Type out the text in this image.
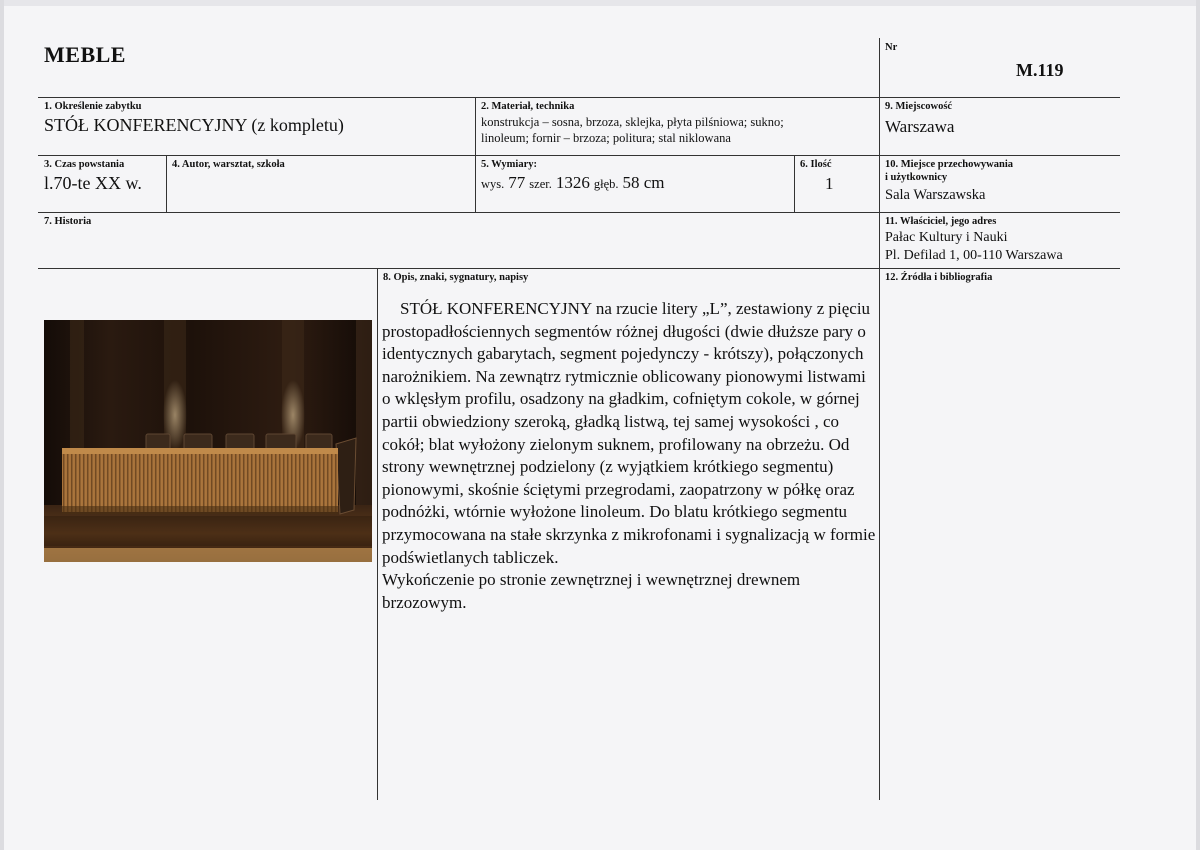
MEBLE	Nr
M.119
1. Określenie zabytku
STÓŁ KONFERENCYJNY (z kompletu)
2. Materiał, technika
konstrukcja – sosna, brzoza, sklejka, płyta pilśniowa; sukno;
linoleum; fornir – brzoza; politura; stal niklowana
9. Miejscowość
Warszawa
3. Czas powstania
l.70-te XX w.
4. Autor, warsztat, szkoła	5. Wymiary:
wys. 77 szer. 1326 głęb. 58 cm
6. Ilość
1
10. Miejsce przechowywania
i użytkownicy
Sala Warszawska
7. Historia	11. Właściciel, jego adres
Pałac Kultury i Nauki
Pl. Defilad 1, 00-110 Warszawa
8. Opis, znaki, sygnatury, napisy	12. Źródła i bibliografia

STÓŁ KONFERENCYJNY na rzucie litery „L”, zestawiony z pięciu prostopadłościennych segmentów różnej długości (dwie dłuższe pary o identycznych gabarytach, segment pojedynczy - krótszy), połączonych narożnikiem. Na zewnątrz rytmicznie oblicowany pionowymi listwami o wklęsłym profilu, osadzony na gładkim, cofniętym cokole, w górnej partii obwiedziony szeroką, gładką listwą, tej samej wysokości , co cokół; blat wyłożony zielonym suknem, profilowany na obrzeżu. Od strony wewnętrznej podzielony (z wyjątkiem krótkiego segmentu) pionowymi, skośnie ściętymi przegrodami, zaopatrzony w półkę oraz podnóżki, wtórnie wyłożone linoleum. Do blatu krótkiego segmentu przymocowana na stałe skrzynka z mikrofonami i sygnalizacją w formie podświetlanych tabliczek.

Wykończenie po stronie zewnętrznej i wewnętrznej drewnem brzozowym.
